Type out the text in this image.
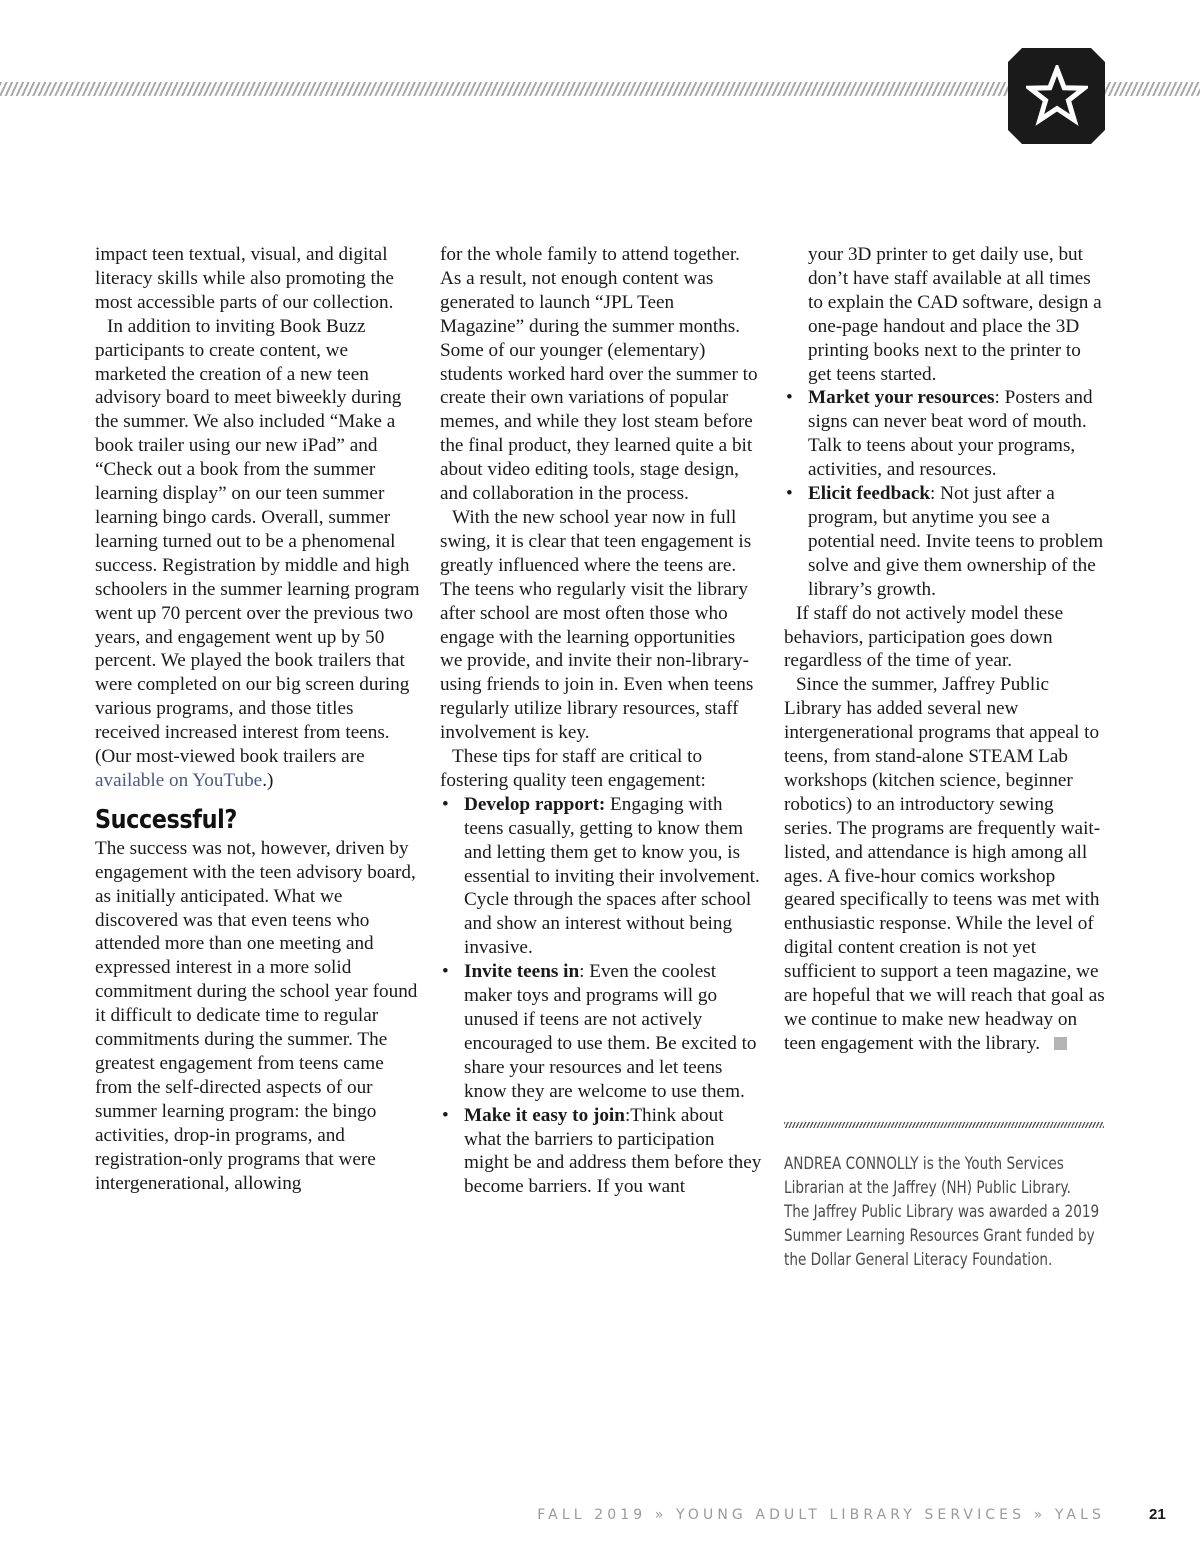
impact teen textual, visual, and digital literacy skills while also promoting the most accessible parts of our collection.

In addition to inviting Book Buzz participants to create content, we marketed the creation of a new teen advisory board to meet biweekly during the summer. We also included “Make a book trailer using our new iPad” and “Check out a book from the summer learning display” on our teen summer learning bingo cards. Overall, summer learning turned out to be a phenomenal success. Registration by middle and high schoolers in the summer learning program went up 70 percent over the previous two years, and engagement went up by 50 percent. We played the book trailers that were completed on our big screen during various programs, and those titles received increased interest from teens. (Our most-viewed book trailers are available on YouTube.)

Successful?

The success was not, however, driven by engagement with the teen advisory board, as initially anticipated. What we discovered was that even teens who attended more than one meeting and expressed interest in a more solid commitment during the school year found it difficult to dedicate time to regular commitments during the summer. The greatest engagement from teens came from the self-directed aspects of our summer learning program: the bingo activities, drop-in programs, and registration-only programs that were intergenerational, allowing

for the whole family to attend together. As a result, not enough content was generated to launch “JPL Teen Magazine” during the summer months. Some of our younger (elementary) students worked hard over the summer to create their own variations of popular memes, and while they lost steam before the final product, they learned quite a bit about video editing tools, stage design, and collaboration in the process.

With the new school year now in full swing, it is clear that teen engagement is greatly influenced where the teens are. The teens who regularly visit the library after school are most often those who engage with the learning opportunities we provide, and invite their non-library-using friends to join in. Even when teens regularly utilize library resources, staff involvement is key.

These tips for staff are critical to fostering quality teen engagement:

• Develop rapport: Engaging with teens casually, getting to know them and letting them get to know you, is essential to inviting their involvement. Cycle through the spaces after school and show an interest without being invasive.
• Invite teens in: Even the coolest maker toys and programs will go unused if teens are not actively encouraged to use them. Be excited to share your resources and let teens know they are welcome to use them.
• Make it easy to join:Think about what the barriers to participation might be and address them before they become barriers. If you want

your 3D printer to get daily use, but don’t have staff available at all times to explain the CAD software, design a one-page handout and place the 3D printing books next to the printer to get teens started.

• Market your resources: Posters and signs can never beat word of mouth. Talk to teens about your programs, activities, and resources.
• Elicit feedback: Not just after a program, but anytime you see a potential need. Invite teens to problem solve and give them ownership of the library’s growth.

If staff do not actively model these behaviors, participation goes down regardless of the time of year.

Since the summer, Jaffrey Public Library has added several new intergenerational programs that appeal to teens, from stand-alone STEAM Lab workshops (kitchen science, beginner robotics) to an introductory sewing series. The programs are frequently wait-listed, and attendance is high among all ages. A five-hour comics workshop geared specifically to teens was met with enthusiastic response. While the level of digital content creation is not yet sufficient to support a teen magazine, we are hopeful that we will reach that goal as we continue to make new headway on teen engagement with the library.

ANDREA CONNOLLY is the Youth Services

Librarian at the Jaffrey (NH) Public Library.

The Jaffrey Public Library was awarded a 2019

Summer Learning Resources Grant funded by

the Dollar General Literacy Foundation.

FALL 2019 » YOUNG ADULT LIBRARY SERVICES » YALS	21
